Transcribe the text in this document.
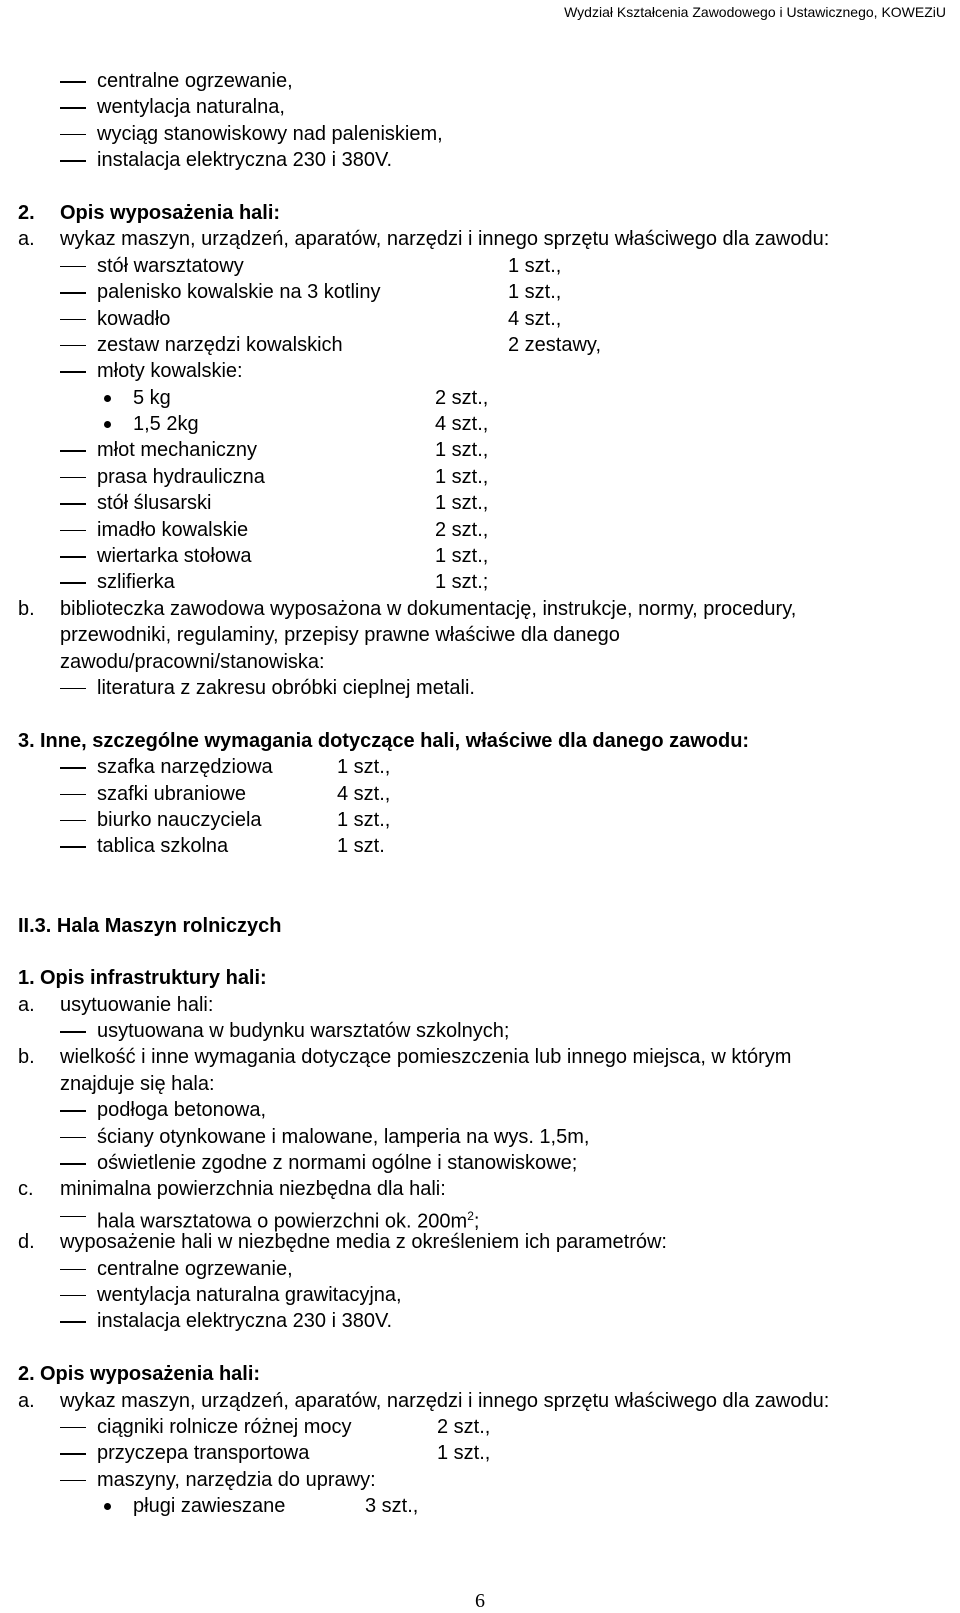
Wydział Kształcenia Zawodowego i Ustawicznego, KOWEZiU
centralne ogrzewanie,
wentylacja naturalna,
wyciąg stanowiskowy nad paleniskiem,
instalacja elektryczna 230 i 380V.
2. Opis wyposażenia hali:
a. wykaz maszyn, urządzeń, aparatów, narzędzi i innego sprzętu właściwego dla zawodu:
stół warsztatowy	1 szt.,
palenisko kowalskie na 3 kotliny	1 szt.,
kowadło	4 szt.,
zestaw narzędzi kowalskich	2 zestawy,
młoty kowalskie:
5 kg	2 szt.,
1,5 2kg	4 szt.,
młot mechaniczny	1 szt.,
prasa hydrauliczna	1 szt.,
stół ślusarski	1 szt.,
imadło kowalskie	2 szt.,
wiertarka stołowa	1 szt.,
szlifierka	1 szt.;
b. biblioteczka zawodowa wyposażona w dokumentację, instrukcje, normy, procedury,
przewodniki, regulaminy, przepisy prawne właściwe dla danego
zawodu/pracowni/stanowiska:
literatura z zakresu obróbki cieplnej metali.
3. Inne, szczególne wymagania dotyczące hali, właściwe dla danego zawodu:
szafka narzędziowa	1 szt.,
szafki ubraniowe	4 szt.,
biurko nauczyciela	1 szt.,
tablica szkolna	1 szt.
II.3. Hala Maszyn rolniczych
1. Opis infrastruktury hali:
a. usytuowanie hali:
usytuowana w budynku warsztatów szkolnych;
b. wielkość i inne wymagania dotyczące pomieszczenia lub innego miejsca, w którym
znajduje się hala:
podłoga betonowa,
ściany otynkowane i malowane, lamperia na wys. 1,5m,
oświetlenie zgodne z normami ogólne i stanowiskowe;
c. minimalna powierzchnia niezbędna dla hali:
hala warsztatowa o powierzchni ok. $200m^2$;
d. wyposażenie hali w niezbędne media z określeniem ich parametrów:
centralne ogrzewanie,
wentylacja naturalna grawitacyjna,
instalacja elektryczna 230 i 380V.
2. Opis wyposażenia hali:
a. wykaz maszyn, urządzeń, aparatów, narzędzi i innego sprzętu właściwego dla zawodu:
ciągniki rolnicze różnej mocy	2 szt.,
przyczepa transportowa	1 szt.,
maszyny, narzędzia do uprawy:
pługi zawieszane	3 szt.,
6
